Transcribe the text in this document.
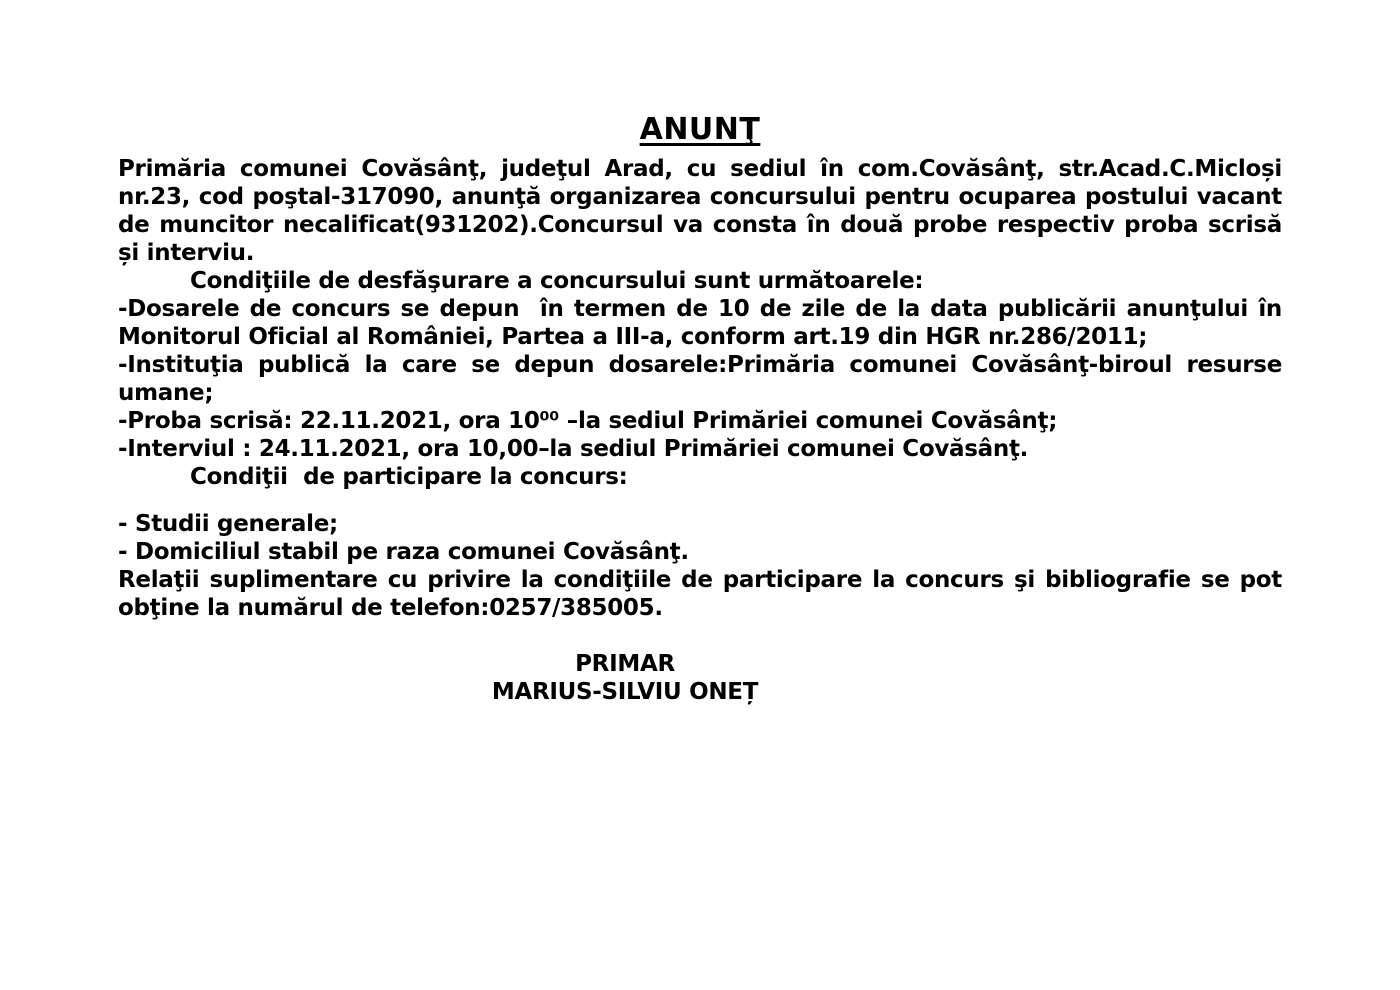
ANUNŢ

Primăria comunei Covăsânţ, judeţul Arad, cu sediul în com.Covăsânţ, str.Acad.C.Micloși nr.23, cod poştal-317090, anunţă organizarea concursului pentru ocuparea postului vacant de muncitor necalificat(931202).Concursul va consta în două probe respectiv proba scrisă și interviu.

Condiţiile de desfăşurare a concursului sunt următoarele:

-Dosarele de concurs se depun  în termen de 10 de zile de la data publicării anunţului în Monitorul Oficial al României, Partea a III-a, conform art.19 din HGR nr.286/2011;

-Instituţia publică la care se depun dosarele:Primăria comunei Covăsânţ-biroul resurse umane;

-Proba scrisă: 22.11.2021, ora 10⁰⁰ –la sediul Primăriei comunei Covăsânţ;

-Interviul : 24.11.2021, ora 10,00–la sediul Primăriei comunei Covăsânţ.

Condiţii  de participare la concurs:

- Studii generale;

- Domiciliul stabil pe raza comunei Covăsânţ.

Relaţii suplimentare cu privire la condiţiile de participare la concurs şi bibliografie se pot obţine la numărul de telefon:0257/385005.

PRIMAR
MARIUS-SILVIU ONEȚ
